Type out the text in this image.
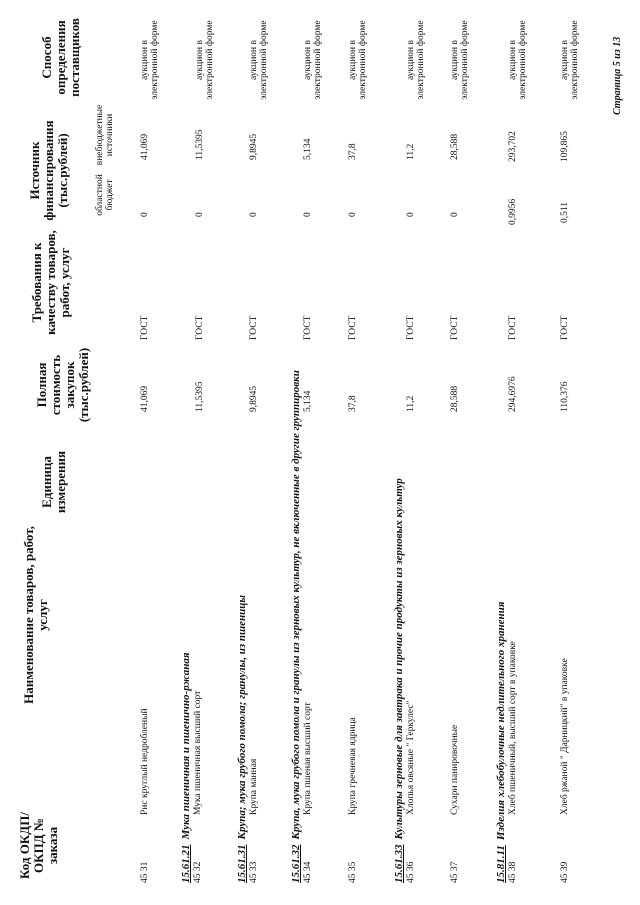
Код ОКДП/ ОКПД № заказа
Наименование товаров, работ, услуг
Единица измерения
Полная стоимость закупок (тыс.рублей)
Требования к качеству товаров, работ, услуг
Источник финансирования (тыс.рублей)	областной бюджет
внебюджетные источники
Способ определения поставщиков
45 31
Рис круглый недробленый
41,069
ГОСТ
0
41,069
аукцион в электронной форме
15.61.21Мука пшеничная и пшенично-ржаная
45 32
Мука пшеничная высший сорт
11,5395
ГОСТ
0
11,5395
аукцион в электронной форме
15.61.31Крупа; мука грубого помола; гранулы, из пшеницы
45 33
Крупа манная
9,8945
ГОСТ
0
9,8945
аукцион в электронной форме
15.61.32Крупа, мука грубого помола и гранулы из зерновых культур, не включенные в другие группировки
45 34
Крупа пшеная высший сорт
5,134
ГОСТ
0
5,134
аукцион в электронной форме
45 35
Крупа гречневая ядрица
37,8
ГОСТ
0
37,8
аукцион в электронной форме
15.61.33Культуры зерновые для завтрака и прочие продукты из зерновых культур
45 36
Хлопья овсяные " Геркулес"
11,2
ГОСТ
0
11,2
аукцион в электронной форме
45 37
Сухари панировочные
28,588
ГОСТ
0
28,588
аукцион в электронной форме
15.81.11Изделия хлебобулочные недлительного хранения
45 38
Хлеб пшеничный, высший сорт в упаковке
294,6976
ГОСТ
0,9956
293,702
аукцион в электронной форме
45 39
Хлеб ржаной " Дарницкий" в упаковке
110,376
ГОСТ
0,511
109,865
аукцион в электронной форме	Страница 5 из 13
